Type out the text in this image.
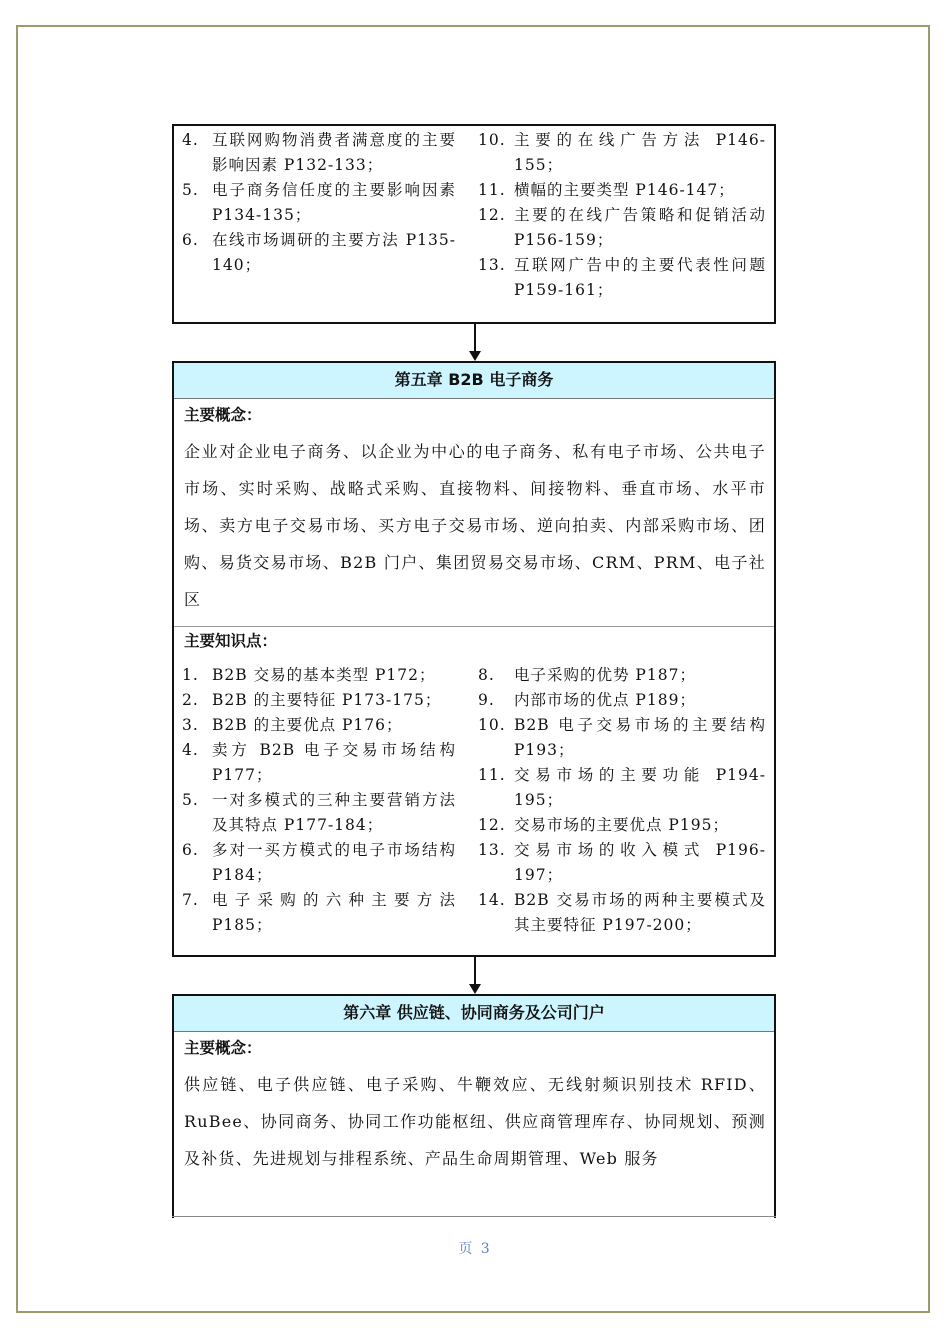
4. 互联网购物消费者满意度的主要影响因素 P132-133；
5. 电子商务信任度的主要影响因素 P134-135；
6. 在线市场调研的主要方法 P135-140；
10. 主要的在线广告方法 P146-155；
11. 横幅的主要类型 P146-147；
12. 主要的在线广告策略和促销活动 P156-159；
13. 互联网广告中的主要代表性问题 P159-161；
第五章 B2B 电子商务
主要概念：
企业对企业电子商务、以企业为中心的电子商务、私有电子市场、公共电子市场、实时采购、战略式采购、直接物料、间接物料、垂直市场、水平市场、卖方电子交易市场、买方电子交易市场、逆向拍卖、内部采购市场、团购、易货交易市场、B2B 门户、集团贸易交易市场、CRM、PRM、电子社区
主要知识点：
1. B2B 交易的基本类型 P172；
2. B2B 的主要特征 P173-175；
3. B2B 的主要优点 P176；
4. 卖方 B2B 电子交易市场结构 P177；
5. 一对多模式的三种主要营销方法及其特点 P177-184；
6. 多对一买方模式的电子市场结构 P184；
7. 电子采购的六种主要方法 P185；
8.	电子采购的优势 P187；
9.	内部市场的优点 P189；
10. B2B 电子交易市场的主要结构 P193；
11. 交易市场的主要功能 P194-195；
12. 交易市场的主要优点 P195；
13. 交易市场的收入模式 P196-197；
14. B2B 交易市场的两种主要模式及其主要特征 P197-200；
第六章 供应链、协同商务及公司门户
主要概念：
供应链、电子供应链、电子采购、牛鞭效应、无线射频识别技术 RFID、RuBee、协同商务、协同工作功能枢纽、供应商管理库存、协同规划、预测及补货、先进规划与排程系统、产品生命周期管理、Web 服务
页 3
